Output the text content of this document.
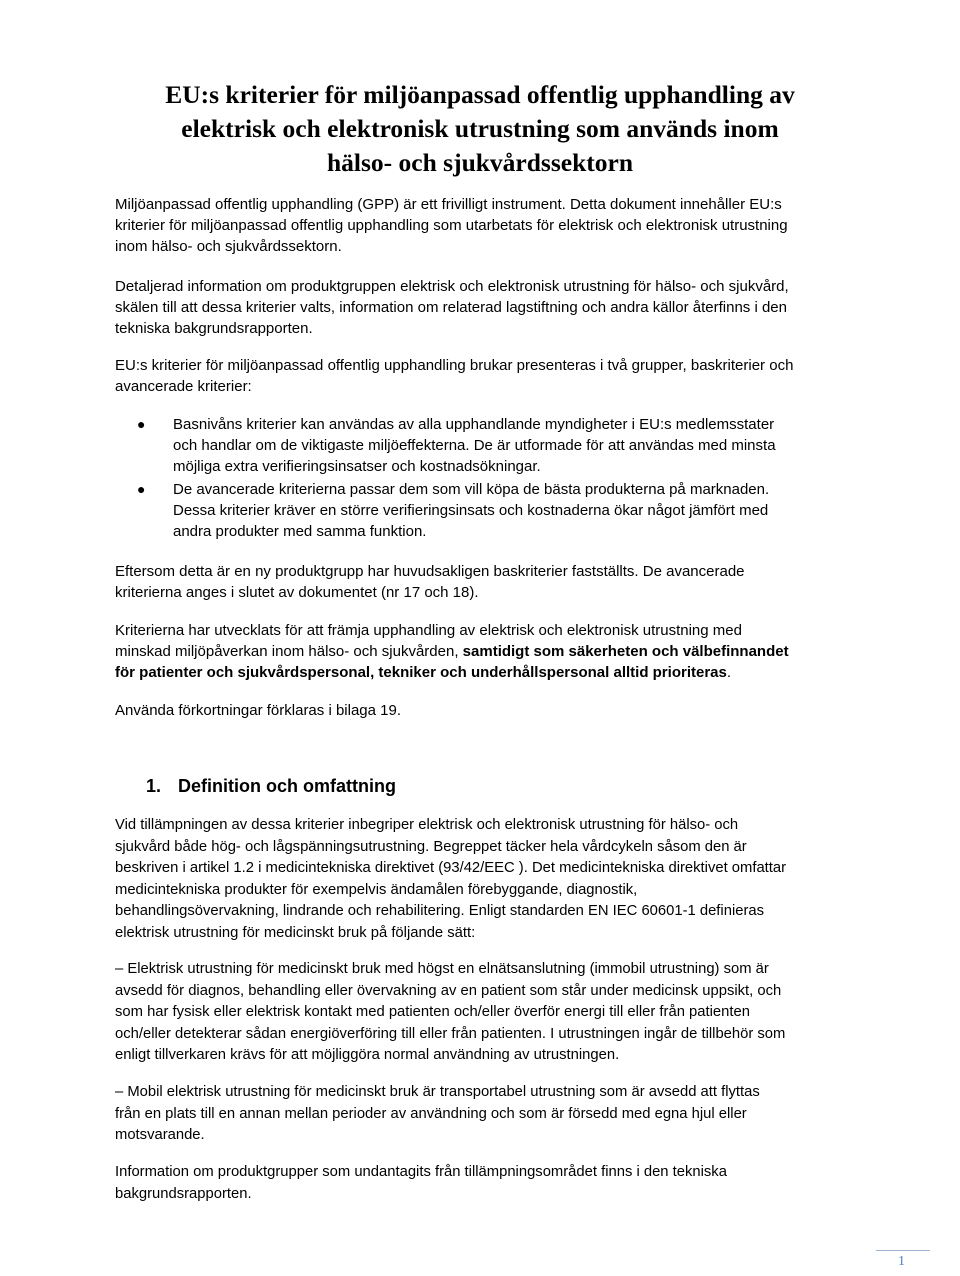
EU:s kriterier för miljöanpassad offentlig upphandling av
elektrisk och elektronisk utrustning som används inom
hälso- och sjukvårdssektorn

Miljöanpassad offentlig upphandling (GPP) är ett frivilligt instrument. Detta dokument innehåller EU:s
kriterier för miljöanpassad offentlig upphandling som utarbetats för elektrisk och elektronisk utrustning
inom hälso- och sjukvårdssektorn.

Detaljerad information om produktgruppen elektrisk och elektronisk utrustning för hälso- och sjukvård,
skälen till att dessa kriterier valts, information om relaterad lagstiftning och andra källor återfinns i den
tekniska bakgrundsrapporten.

EU:s kriterier för miljöanpassad offentlig upphandling brukar presenteras i två grupper, baskriterier och
avancerade kriterier:

● Basnivåns kriterier kan användas av alla upphandlande myndigheter i EU:s medlemsstater
och handlar om de viktigaste miljöeffekterna. De är utformade för att användas med minsta
möjliga extra verifieringsinsatser och kostnadsökningar.
● De avancerade kriterierna passar dem som vill köpa de bästa produkterna på marknaden.
Dessa kriterier kräver en större verifieringsinsats och kostnaderna ökar något jämfört med
andra produkter med samma funktion.

Eftersom detta är en ny produktgrupp har huvudsakligen baskriterier fastställts. De avancerade
kriterierna anges i slutet av dokumentet (nr 17 och 18).

Kriterierna har utvecklats för att främja upphandling av elektrisk och elektronisk utrustning med
minskad miljöpåverkan inom hälso- och sjukvården, samtidigt som säkerheten och välbefinnandet
för patienter och sjukvårdspersonal, tekniker och underhållspersonal alltid prioriteras.

Använda förkortningar förklaras i bilaga 19.

1. Definition och omfattning

Vid tillämpningen av dessa kriterier inbegriper elektrisk och elektronisk utrustning för hälso- och
sjukvård både hög- och lågspänningsutrustning. Begreppet täcker hela vårdcykeln såsom den är
beskriven i artikel 1.2 i medicintekniska direktivet (93/42/EEC ). Det medicintekniska direktivet omfattar
medicintekniska produkter för exempelvis ändamålen förebyggande, diagnostik,
behandlingsövervakning, lindrande och rehabilitering. Enligt standarden EN IEC 60601-1 definieras
elektrisk utrustning för medicinskt bruk på följande sätt:

– Elektrisk utrustning för medicinskt bruk med högst en elnätsanslutning (immobil utrustning) som är
avsedd för diagnos, behandling eller övervakning av en patient som står under medicinsk uppsikt, och
som har fysisk eller elektrisk kontakt med patienten och/eller överför energi till eller från patienten
och/eller detekterar sådan energiöverföring till eller från patienten. I utrustningen ingår de tillbehör som
enligt tillverkaren krävs för att möjliggöra normal användning av utrustningen.

– Mobil elektrisk utrustning för medicinskt bruk är transportabel utrustning som är avsedd att flyttas
från en plats till en annan mellan perioder av användning och som är försedd med egna hjul eller
motsvarande.

Information om produktgrupper som undantagits från tillämpningsområdet finns i den tekniska
bakgrundsrapporten.

1
